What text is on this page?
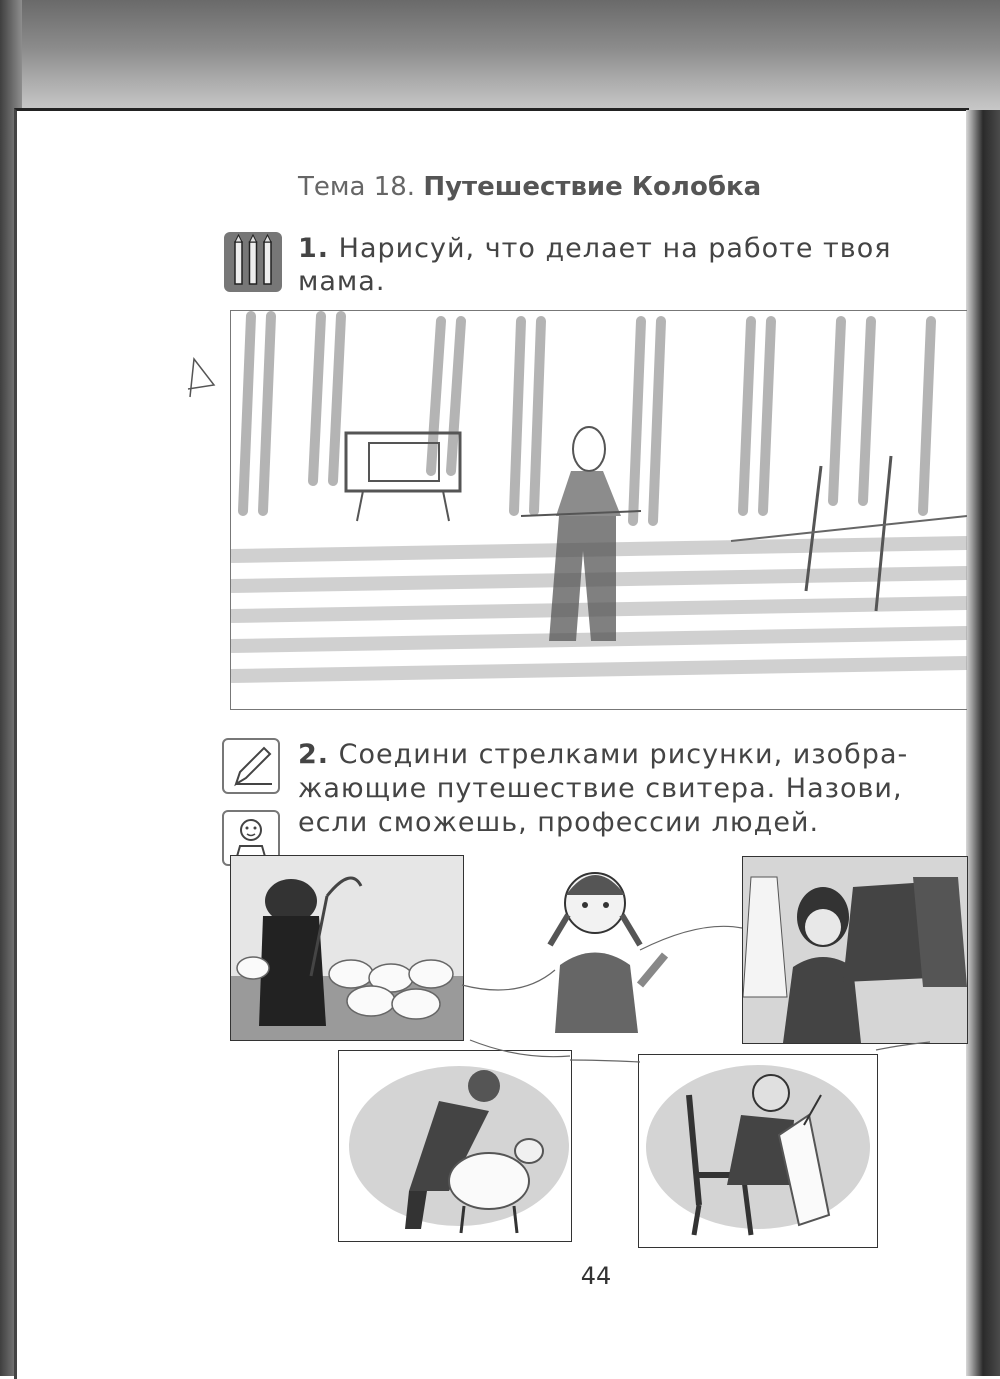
Тема 18. Путешествие Колобка
1. Нарисуй, что делает на работе твоя
мама.
2. Соедини стрелками рисунки, изобра-
жающие путешествие свитера. Назови,
если сможешь, профессии людей.
44
